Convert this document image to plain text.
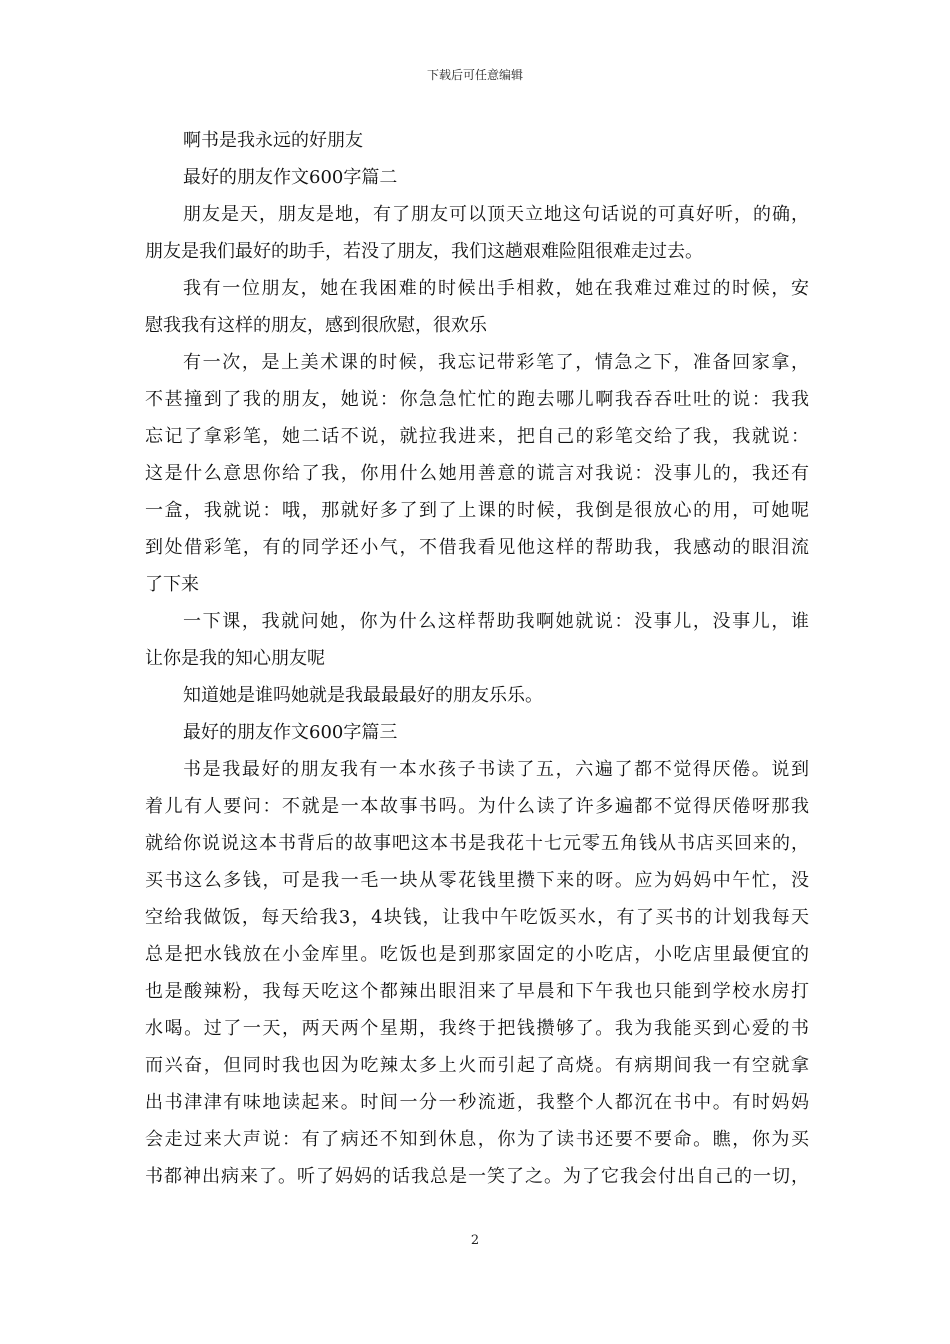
下载后可任意编辑
啊书是我永远的好朋友
最好的朋友作文600字篇二
朋友是天，朋友是地，有了朋友可以顶天立地这句话说的可真好听，的确，
朋友是我们最好的助手，若没了朋友，我们这趟艰难险阻很难走过去。
我有一位朋友，她在我困难的时候出手相救，她在我难过难过的时候，安
慰我我有这样的朋友，感到很欣慰，很欢乐
有一次，是上美术课的时候，我忘记带彩笔了，情急之下，准备回家拿，
不甚撞到了我的朋友，她说：你急急忙忙的跑去哪儿啊我吞吞吐吐的说：我我
忘记了拿彩笔，她二话不说，就拉我进来，把自己的彩笔交给了我，我就说：
这是什么意思你给了我，你用什么她用善意的谎言对我说：没事儿的，我还有
一盒，我就说：哦，那就好多了到了上课的时候，我倒是很放心的用，可她呢
到处借彩笔，有的同学还小气，不借我看见他这样的帮助我，我感动的眼泪流
了下来
一下课，我就问她，你为什么这样帮助我啊她就说：没事儿，没事儿，谁
让你是我的知心朋友呢
知道她是谁吗她就是我最最最好的朋友乐乐。
最好的朋友作文600字篇三
书是我最好的朋友我有一本水孩子书读了五，六遍了都不觉得厌倦。说到
着儿有人要问：不就是一本故事书吗。为什么读了许多遍都不觉得厌倦呀那我
就给你说说这本书背后的故事吧这本书是我花十七元零五角钱从书店买回来的，
买书这么多钱，可是我一毛一块从零花钱里攒下来的呀。应为妈妈中午忙，没
空给我做饭，每天给我3，4块钱，让我中午吃饭买水，有了买书的计划我每天
总是把水钱放在小金库里。吃饭也是到那家固定的小吃店，小吃店里最便宜的
也是酸辣粉，我每天吃这个都辣出眼泪来了早晨和下午我也只能到学校水房打
水喝。过了一天，两天两个星期，我终于把钱攒够了。我为我能买到心爱的书
而兴奋，但同时我也因为吃辣太多上火而引起了高烧。有病期间我一有空就拿
出书津津有味地读起来。时间一分一秒流逝，我整个人都沉在书中。有时妈妈
会走过来大声说：有了病还不知到休息，你为了读书还要不要命。瞧，你为买
书都神出病来了。听了妈妈的话我总是一笑了之。为了它我会付出自己的一切，
2
